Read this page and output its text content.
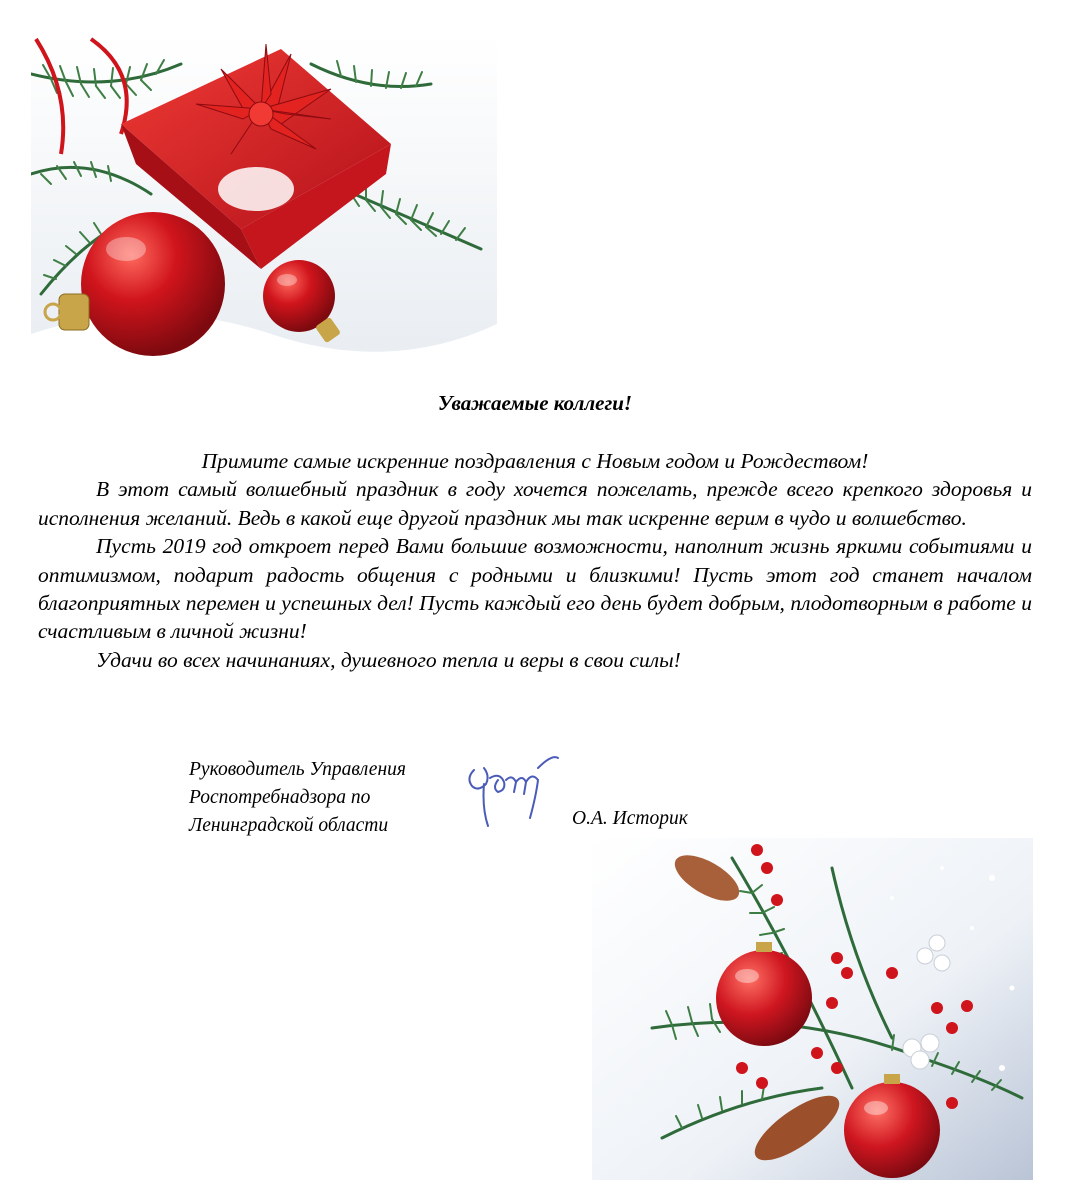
Уважаемые коллеги!

Примите самые искренние поздравления с Новым годом и Рождеством!

В этот самый волшебный праздник в году хочется пожелать, прежде всего крепкого здоровья и исполнения желаний. Ведь в какой еще другой праздник мы так искренне верим в чудо и волшебство.

Пусть 2019 год откроет перед Вами большие возможности, наполнит жизнь яркими событиями и оптимизмом, подарит радость общения с родными и близкими! Пусть этот год станет началом благоприятных перемен и успешных дел! Пусть каждый его день будет добрым, плодотворным в работе и счастливым в личной жизни!

Удачи во всех начинаниях, душевного тепла и веры в свои силы!

Руководитель Управления
Роспотребнадзора по
Ленинградской области	О.А. Историк
